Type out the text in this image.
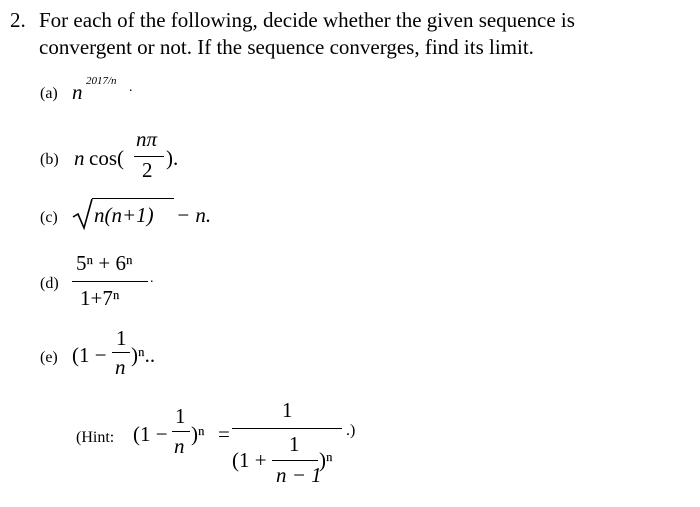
2. For each of the following, decide whether the given sequence is
convergent or not. If the sequence converges, find its limit.
(a) n 2017/n .
(b) n cos(
nπ
2 ).
(c) n(n+1) − n.
(d)
5ⁿ + 6ⁿ
1+7ⁿ
.
(e) (1 −
1
n )ⁿ..
(Hint: (1 −
1
n )ⁿ =
1
(1 +
1
n − 1
)ⁿ
.)
